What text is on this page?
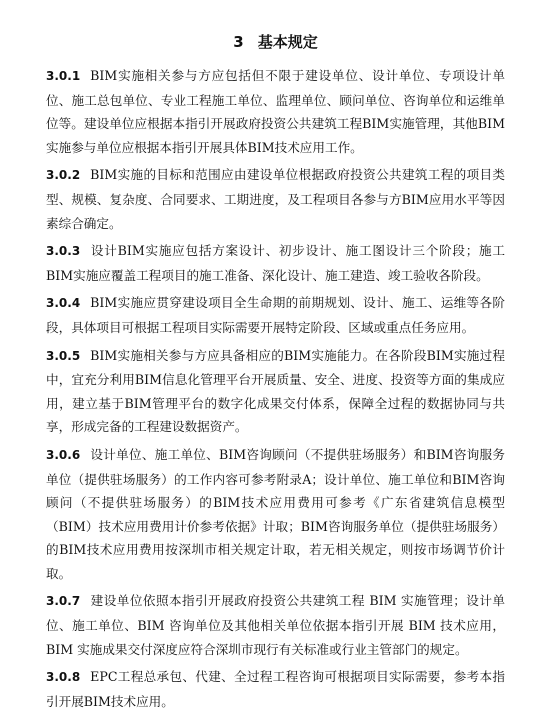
3 基本规定
3.0.1 BIM实施相关参与方应包括但不限于建设单位、设计单位、专项设计单位、施工总包单位、专业工程施工单位、监理单位、顾问单位、咨询单位和运维单位等。建设单位应根据本指引开展政府投资公共建筑工程BIM实施管理，其他BIM实施参与单位应根据本指引开展具体BIM技术应用工作。
3.0.2 BIM实施的目标和范围应由建设单位根据政府投资公共建筑工程的项目类型、规模、复杂度、合同要求、工期进度，及工程项目各参与方BIM应用水平等因素综合确定。
3.0.3 设计BIM实施应包括方案设计、初步设计、施工图设计三个阶段；施工BIM实施应覆盖工程项目的施工准备、深化设计、施工建造、竣工验收各阶段。
3.0.4 BIM实施应贯穿建设项目全生命期的前期规划、设计、施工、运维等各阶段，具体项目可根据工程项目实际需要开展特定阶段、区域或重点任务应用。
3.0.5 BIM实施相关参与方应具备相应的BIM实施能力。在各阶段BIM实施过程中，宜充分利用BIM信息化管理平台开展质量、安全、进度、投资等方面的集成应用，建立基于BIM管理平台的数字化成果交付体系，保障全过程的数据协同与共享，形成完备的工程建设数据资产。
3.0.6 设计单位、施工单位、BIM咨询顾问（不提供驻场服务）和BIM咨询服务单位（提供驻场服务）的工作内容可参考附录A；设计单位、施工单位和BIM咨询顾问（不提供驻场服务）的BIM技术应用费用可参考《广东省建筑信息模型（BIM）技术应用费用计价参考依据》计取；BIM咨询服务单位（提供驻场服务）的BIM技术应用费用按深圳市相关规定计取，若无相关规定，则按市场调节价计取。
3.0.7 建设单位依照本指引开展政府投资公共建筑工程 BIM 实施管理；设计单位、施工单位、BIM 咨询单位及其他相关单位依据本指引开展 BIM 技术应用，BIM 实施成果交付深度应符合深圳市现行有关标准或行业主管部门的规定。
3.0.8 EPC工程总承包、代建、全过程工程咨询可根据项目实际需要，参考本指引开展BIM技术应用。
